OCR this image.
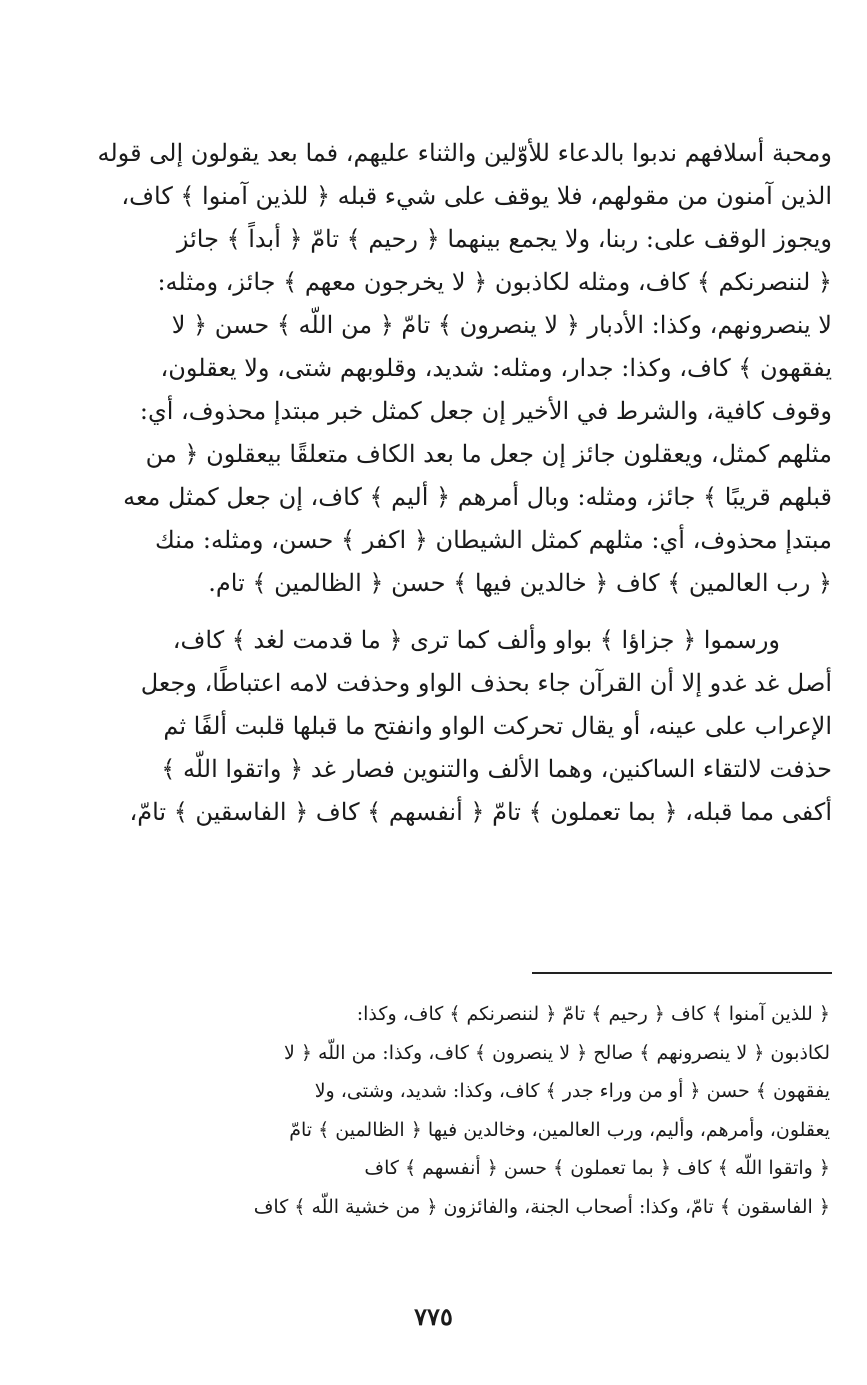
ومحبة أسلافهم ندبوا بالدعاء للأوّلين والثناء عليهم، فما بعد يقولون إلى قوله
الذين آمنون من مقولهم، فلا يوقف على شيء قبله ﴿ للذين آمنوا ﴾ كاف،
ويجوز الوقف على: ربنا، ولا يجمع بينهما ﴿ رحيم ﴾ تامّ ﴿ أبداً ﴾ جائز
﴿ لننصرنكم ﴾ كاف، ومثله لكاذبون ﴿ لا يخرجون معهم ﴾ جائز، ومثله:
لا ينصرونهم، وكذا: الأدبار ﴿ لا ينصرون ﴾ تامّ ﴿ من اللّه ﴾ حسن ﴿ لا
يفقهون ﴾ كاف، وكذا: جدار، ومثله: شديد، وقلوبهم شتى، ولا يعقلون،
وقوف كافية، والشرط في الأخير إن جعل كمثل خبر مبتدإ محذوف، أي:
مثلهم كمثل، ويعقلون جائز إن جعل ما بعد الكاف متعلقًا بيعقلون ﴿ من
قبلهم قريبًا ﴾ جائز، ومثله: وبال أمرهم ﴿ أليم ﴾ كاف، إن جعل كمثل معه
مبتدإ محذوف، أي: مثلهم كمثل الشيطان ﴿ اكفر ﴾ حسن، ومثله: منك
﴿ رب العالمين ﴾ كاف ﴿ خالدين فيها ﴾ حسن ﴿ الظالمين ﴾ تام.
ورسموا ﴿ جزاؤا ﴾ بواو وألف كما ترى ﴿ ما قدمت لغد ﴾ كاف،
أصل غد غدو إلا أن القرآن جاء بحذف الواو وحذفت لامه اعتباطًا، وجعل
الإعراب على عينه، أو يقال تحركت الواو وانفتح ما قبلها قلبت ألفًا ثم
حذفت لالتقاء الساكنين، وهما الألف والتنوين فصار غد ﴿ واتقوا اللّه ﴾
أكفى مما قبله، ﴿ بما تعملون ﴾ تامّ ﴿ أنفسهم ﴾ كاف ﴿ الفاسقين ﴾ تامّ،
﴿ للذين آمنوا ﴾ كاف ﴿ رحيم ﴾ تامّ ﴿ لننصرنكم ﴾ كاف، وكذا:
لكاذبون ﴿ لا ينصرونهم ﴾ صالح ﴿ لا ينصرون ﴾ كاف، وكذا: من اللّه ﴿ لا
يفقهون ﴾ حسن ﴿ أو من وراء جدر ﴾ كاف، وكذا: شديد، وشتى، ولا
يعقلون، وأمرهم، وأليم، ورب العالمين، وخالدين فيها ﴿ الظالمين ﴾ تامّ
﴿ واتقوا اللّه ﴾ كاف ﴿ بما تعملون ﴾ حسن ﴿ أنفسهم ﴾ كاف
﴿ الفاسقون ﴾ تامّ، وكذا: أصحاب الجنة، والفائزون ﴿ من خشية اللّه ﴾ كاف
٧٧٥
